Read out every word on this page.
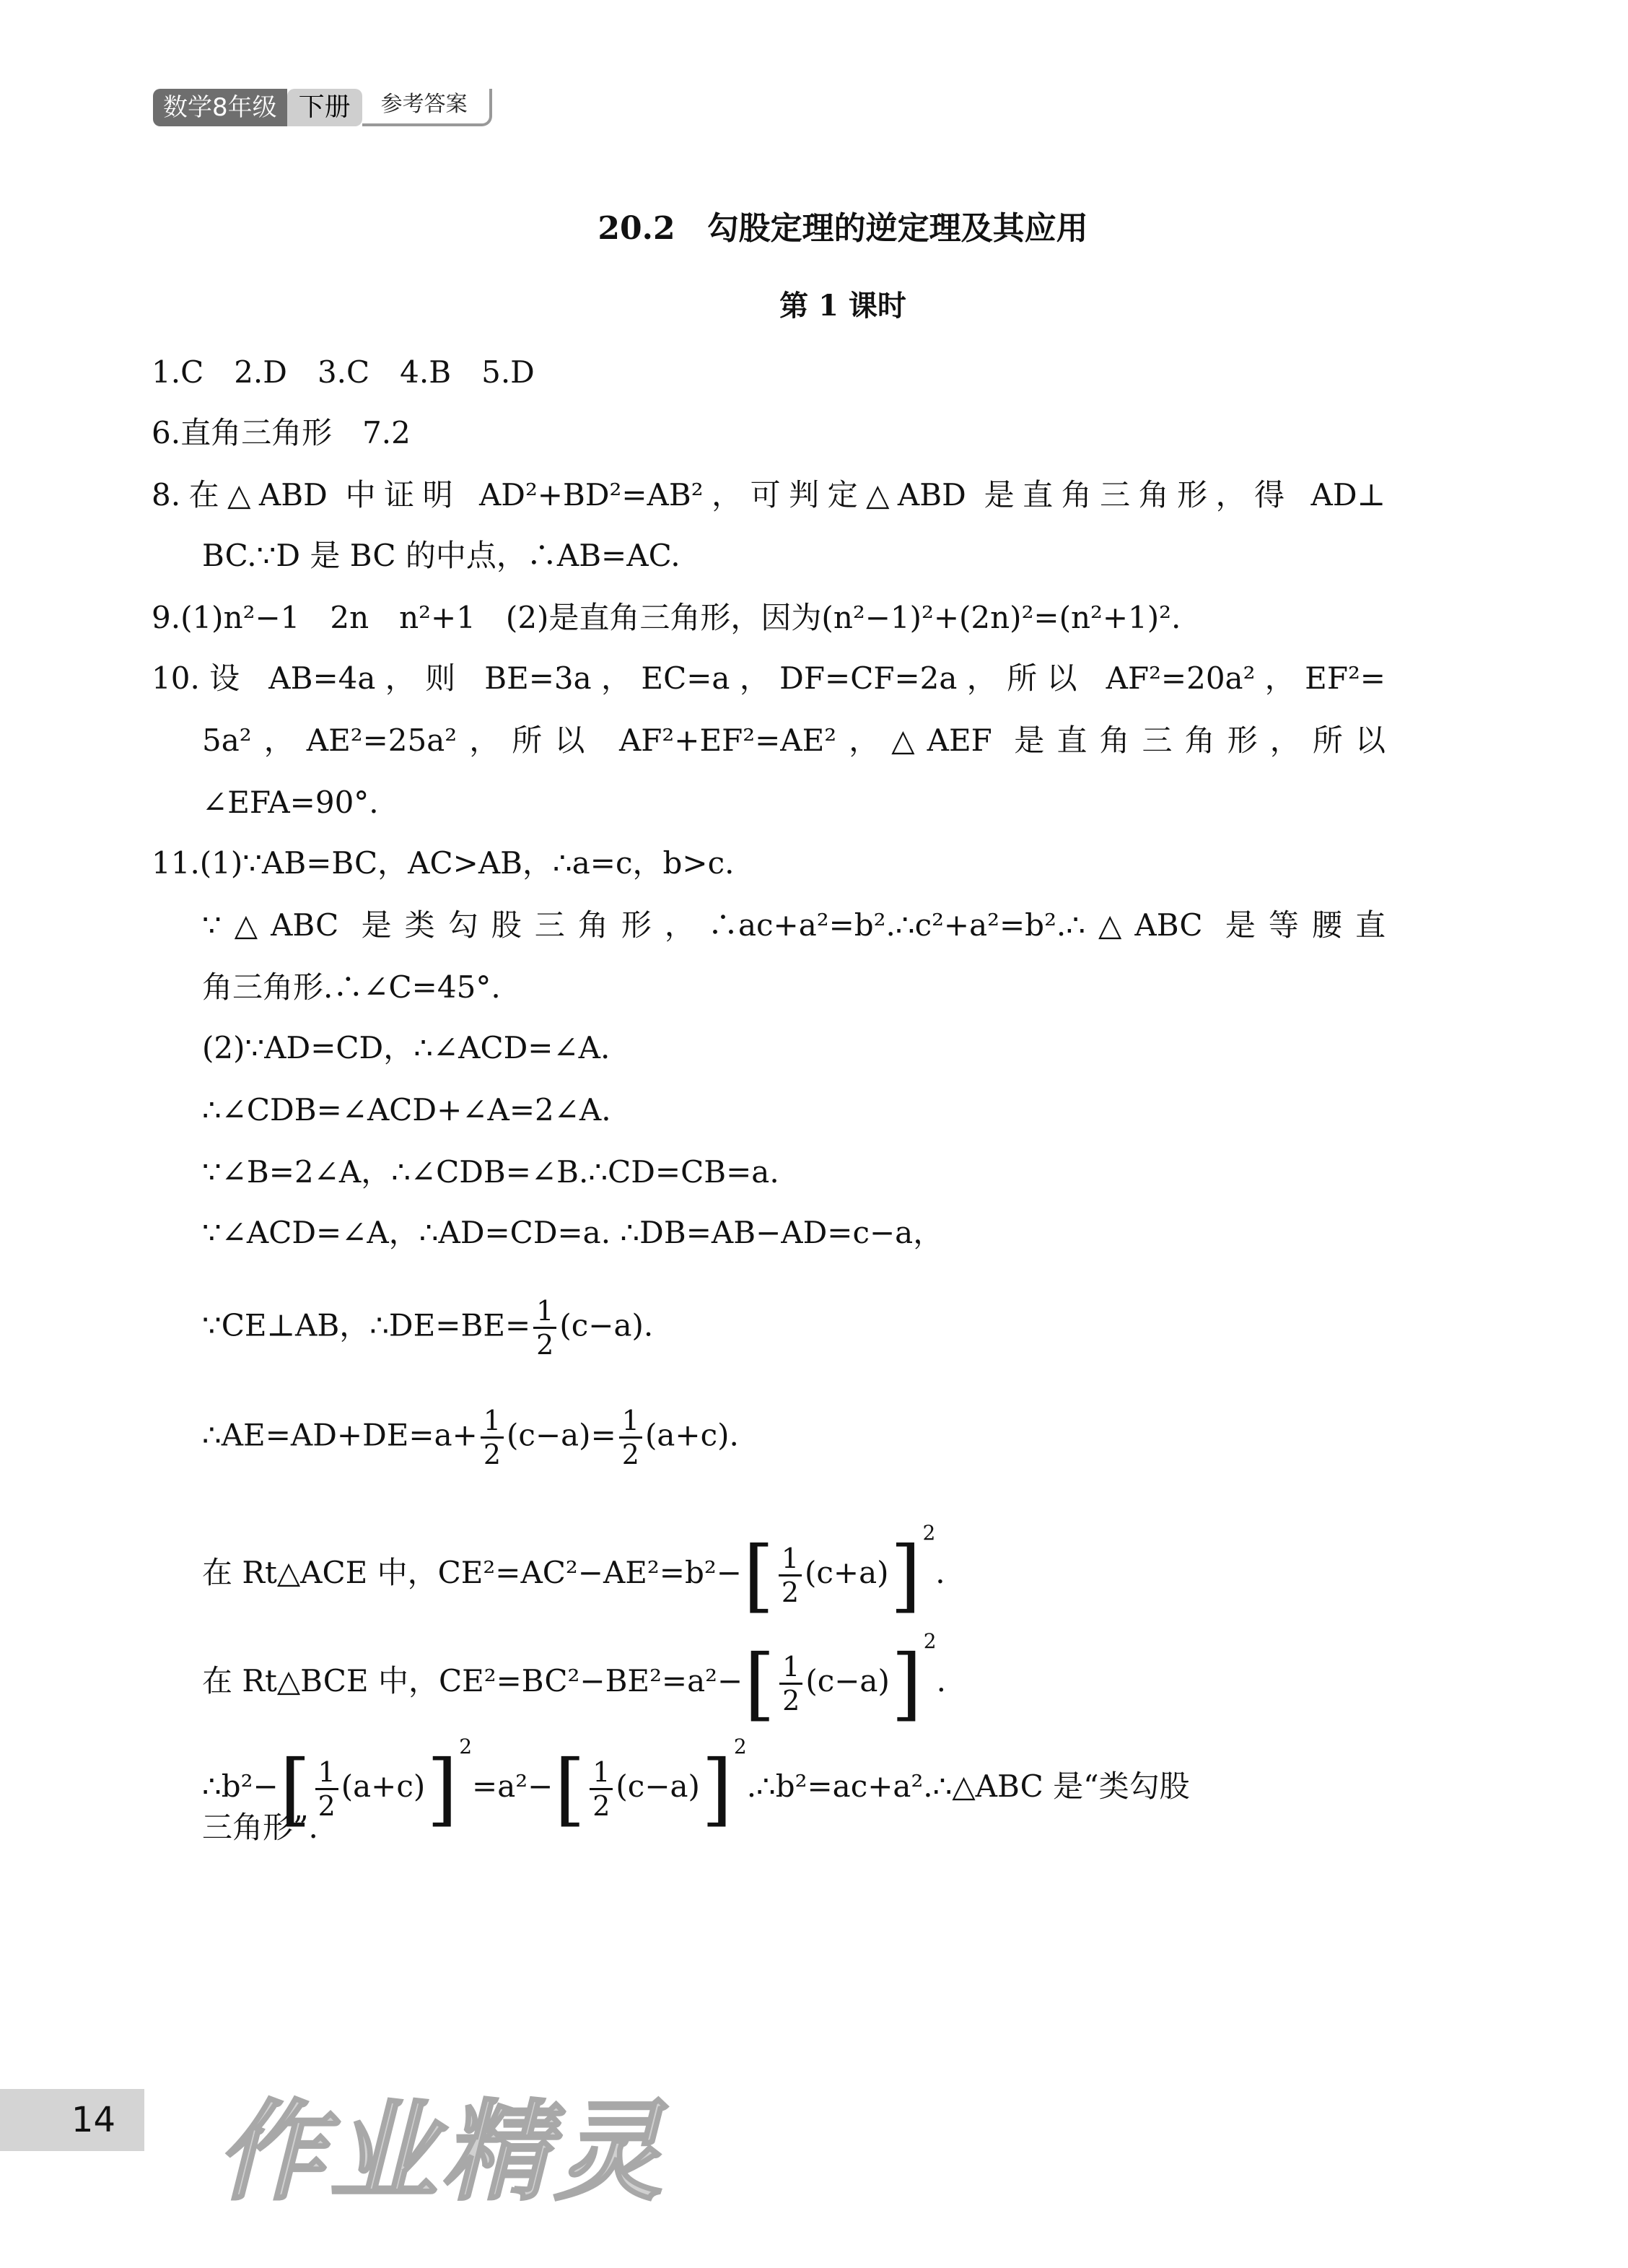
数学8年级 下册	参考答案
20.2　勾股定理的逆定理及其应用
第 1 课时
1.C　2.D　3.C　4.B　5.D
6.直角三角形　7.2
8.在△ABD 中证明 AD²+BD²=AB²，可判定△ABD 是直角三角形，得 AD⊥
BC.∵D 是 BC 的中点，∴AB=AC.
9.(1)n²−1　2n　n²+1　(2)是直角三角形，因为(n²−1)²+(2n)²=(n²+1)².
10.设 AB=4a，则 BE=3a，EC=a，DF=CF=2a，所以 AF²=20a²，EF²=
5a²，AE²=25a²，所以 AF²+EF²=AE²，△AEF 是直角三角形，所以
∠EFA=90°.
11.(1)∵AB=BC，AC>AB，∴a=c，b>c.
∵△ABC 是类勾股三角形，∴ac+a²=b².∴c²+a²=b².∴△ABC 是等腰直
角三角形.∴∠C=45°.
(2)∵AD=CD，∴∠ACD=∠A.
∴∠CDB=∠ACD+∠A=2∠A.
∵∠B=2∠A，∴∠CDB=∠B.∴CD=CB=a.
∵∠ACD=∠A，∴AD=CD=a. ∴DB=AB−AD=c−a，
∵CE⊥AB，∴DE=BE= $\frac{1}{2} (c-a)$.
∴AE=AD+DE=a+ $\frac{1}{2} (c-a)= \frac{1}{2} (a+c)$.
在 Rt△ACE 中，$CE^2=AC^2-AE^2=b^2-[ \frac{1}{2} (c+a)]^2$.
在 Rt△BCE 中，$CE^2=BC^2-BE^2=a^2-[ \frac{1}{2} (c-a)]^2$.
∴b²−[ $\frac{1}{2} (a+c)]^2=a^2-[ \frac{1}{2}$ $(c-a)]^2.\therefore b^2=ac+a^2.\therefore\triangle ABC$ 是“类勾股
三角形”.
14 作业精灵
